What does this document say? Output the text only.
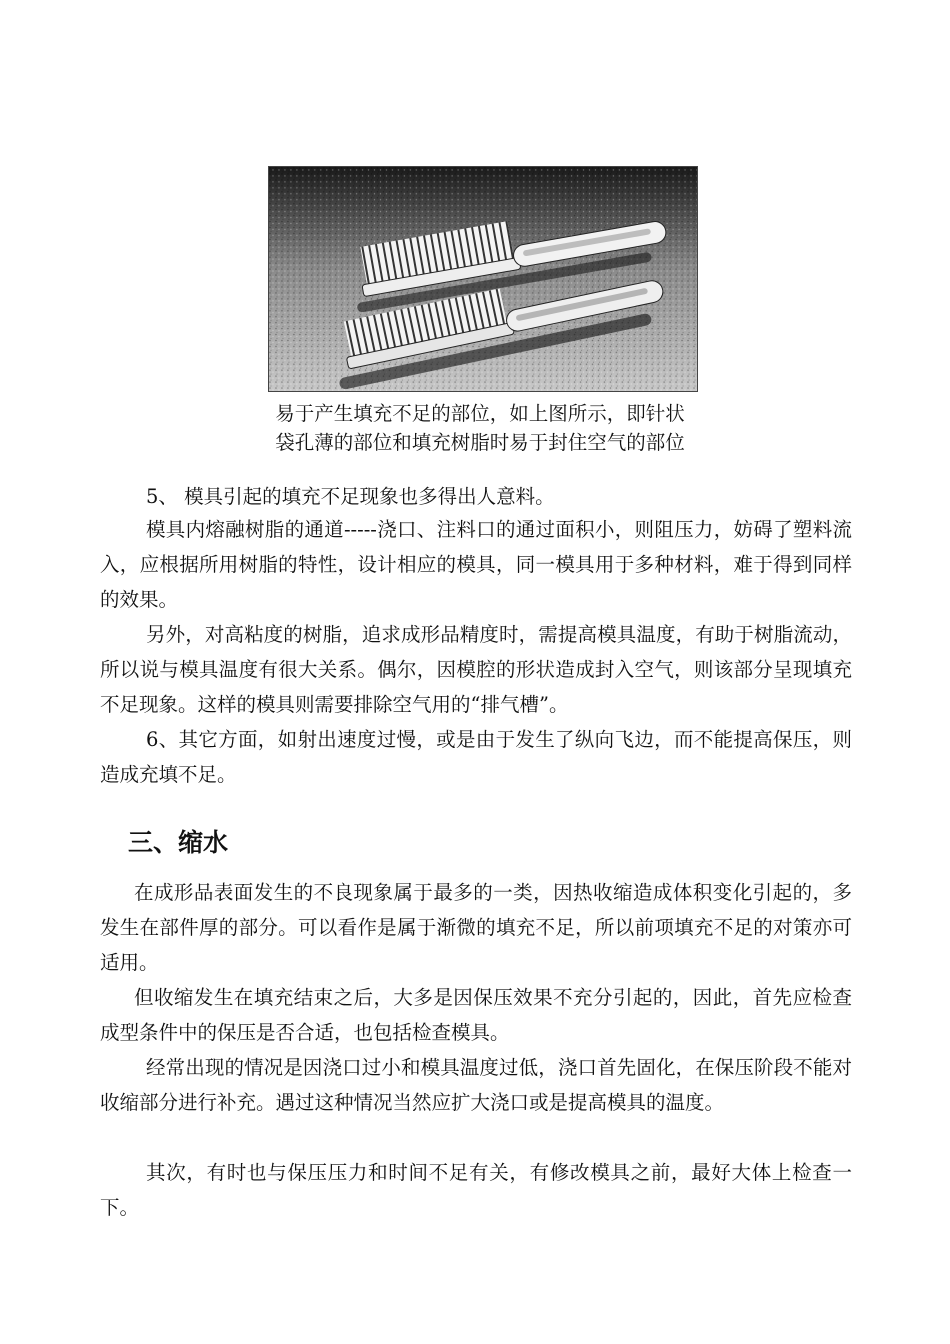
易于产生填充不足的部位，如上图所示，即针状
袋孔薄的部位和填充树脂时易于封住空气的部位

5、 模具引起的填充不足现象也多得出人意料。

模具内熔融树脂的通道-----浇口、注料口的通过面积小，则阻压力，妨碍了塑料流入，应根据所用树脂的特性，设计相应的模具，同一模具用于多种材料，难于得到同样的效果。

另外，对高粘度的树脂，追求成形品精度时，需提高模具温度，有助于树脂流动，所以说与模具温度有很大关系。偶尔，因模腔的形状造成封入空气，则该部分呈现填充不足现象。这样的模具则需要排除空气用的“排气槽”。

6、其它方面，如射出速度过慢，或是由于发生了纵向飞边，而不能提高保压，则造成充填不足。

三、缩水

在成形品表面发生的不良现象属于最多的一类，因热收缩造成体积变化引起的，多发生在部件厚的部分。可以看作是属于渐微的填充不足，所以前项填充不足的对策亦可适用。

但收缩发生在填充结束之后，大多是因保压效果不充分引起的，因此，首先应检查成型条件中的保压是否合适，也包括检查模具。

经常出现的情况是因浇口过小和模具温度过低，浇口首先固化，在保压阶段不能对收缩部分进行补充。遇过这种情况当然应扩大浇口或是提高模具的温度。

其次，有时也与保压压力和时间不足有关，有修改模具之前，最好大体上检查一下。
